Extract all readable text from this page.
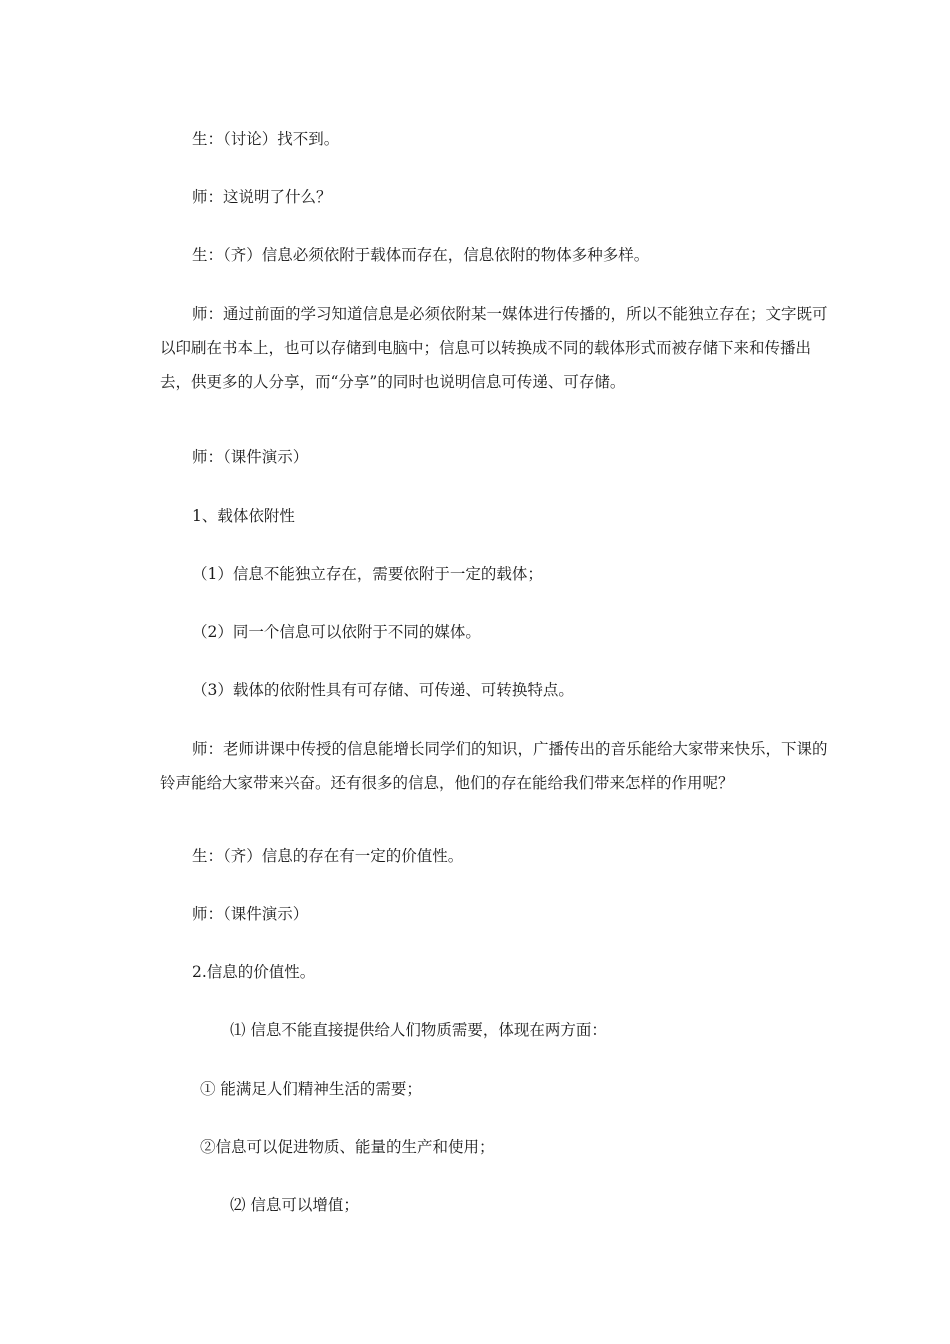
生：（讨论）找不到。

师：这说明了什么？

生：（齐）信息必须依附于载体而存在，信息依附的物体多种多样。

师：通过前面的学习知道信息是必须依附某一媒体进行传播的，所以不能独立存在；文字既可以印刷在书本上，也可以存储到电脑中；信息可以转换成不同的载体形式而被存储下来和传播出去，供更多的人分享，而“分享”的同时也说明信息可传递、可存储。

师：（课件演示）

1、载体依附性

（1）信息不能独立存在，需要依附于一定的载体；

（2）同一个信息可以依附于不同的媒体。

（3）载体的依附性具有可存储、可传递、可转换特点。

师：老师讲课中传授的信息能增长同学们的知识，广播传出的音乐能给大家带来快乐，下课的铃声能给大家带来兴奋。还有很多的信息，他们的存在能给我们带来怎样的作用呢？

生：（齐）信息的存在有一定的价值性。

师：（课件演示）

2.信息的价值性。

⑴ 信息不能直接提供给人们物质需要，体现在两方面：

① 能满足人们精神生活的需要；

②信息可以促进物质、能量的生产和使用；

⑵ 信息可以增值；
